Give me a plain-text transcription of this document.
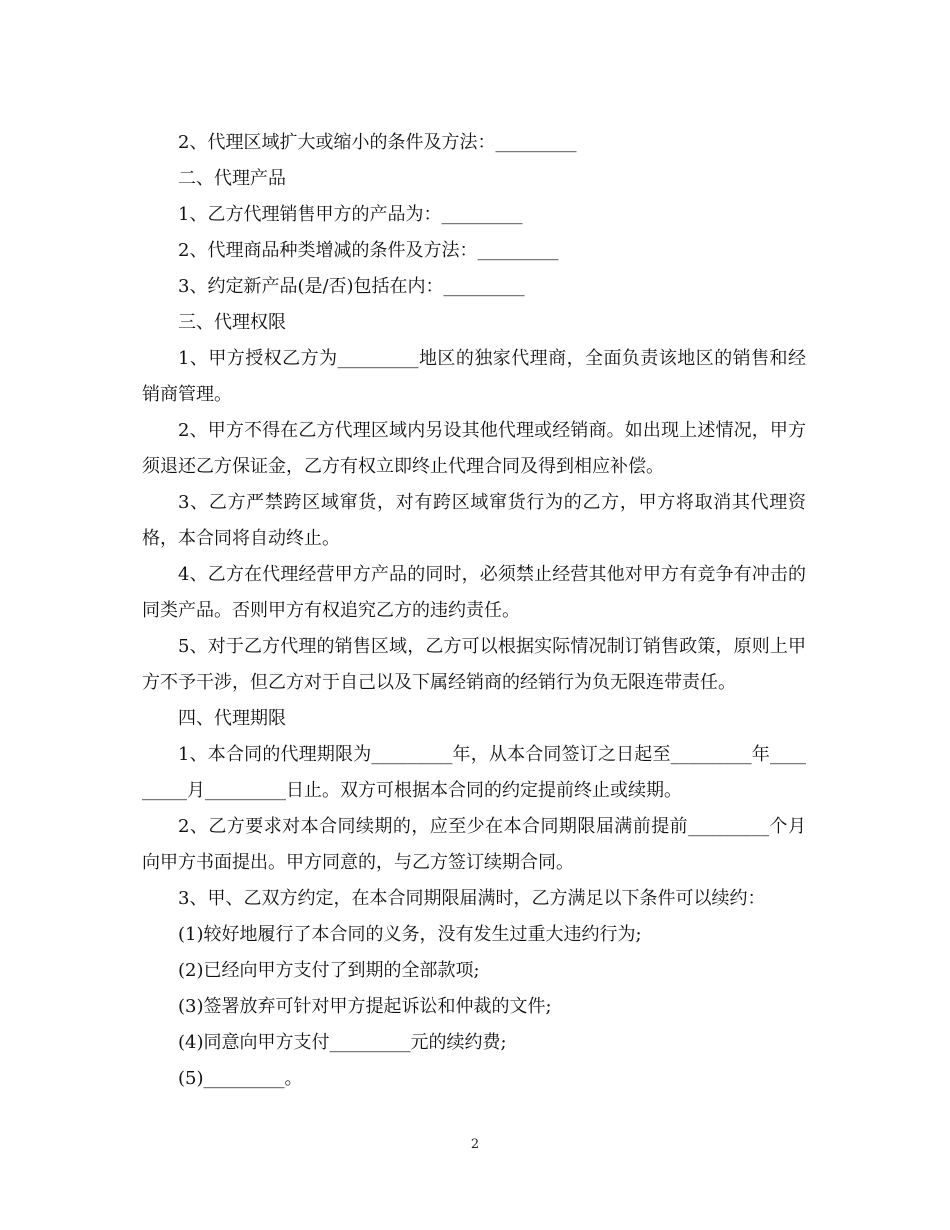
2、代理区域扩大或缩小的条件及方法：_________

二、代理产品

1、乙方代理销售甲方的产品为：_________

2、代理商品种类增减的条件及方法：_________

3、约定新产品(是/否)包括在内：_________

三、代理权限

1、甲方授权乙方为_________地区的独家代理商，全面负责该地区的销售和经销商管理。

2、甲方不得在乙方代理区域内另设其他代理或经销商。如出现上述情况，甲方须退还乙方保证金，乙方有权立即终止代理合同及得到相应补偿。

3、乙方严禁跨区域窜货，对有跨区域窜货行为的乙方，甲方将取消其代理资格，本合同将自动终止。

4、乙方在代理经营甲方产品的同时，必须禁止经营其他对甲方有竞争有冲击的同类产品。否则甲方有权追究乙方的违约责任。

5、对于乙方代理的销售区域，乙方可以根据实际情况制订销售政策，原则上甲方不予干涉，但乙方对于自己以及下属经销商的经销行为负无限连带责任。

四、代理期限

1、本合同的代理期限为_________年，从本合同签订之日起至_________年_________月_________日止。双方可根据本合同的约定提前终止或续期。

2、乙方要求对本合同续期的，应至少在本合同期限届满前提前_________个月向甲方书面提出。甲方同意的，与乙方签订续期合同。

3、甲、乙双方约定，在本合同期限届满时，乙方满足以下条件可以续约：

(1)较好地履行了本合同的义务，没有发生过重大违约行为;

(2)已经向甲方支付了到期的全部款项;

(3)签署放弃可针对甲方提起诉讼和仲裁的文件;

(4)同意向甲方支付_________元的续约费;

(5)_________。

2
